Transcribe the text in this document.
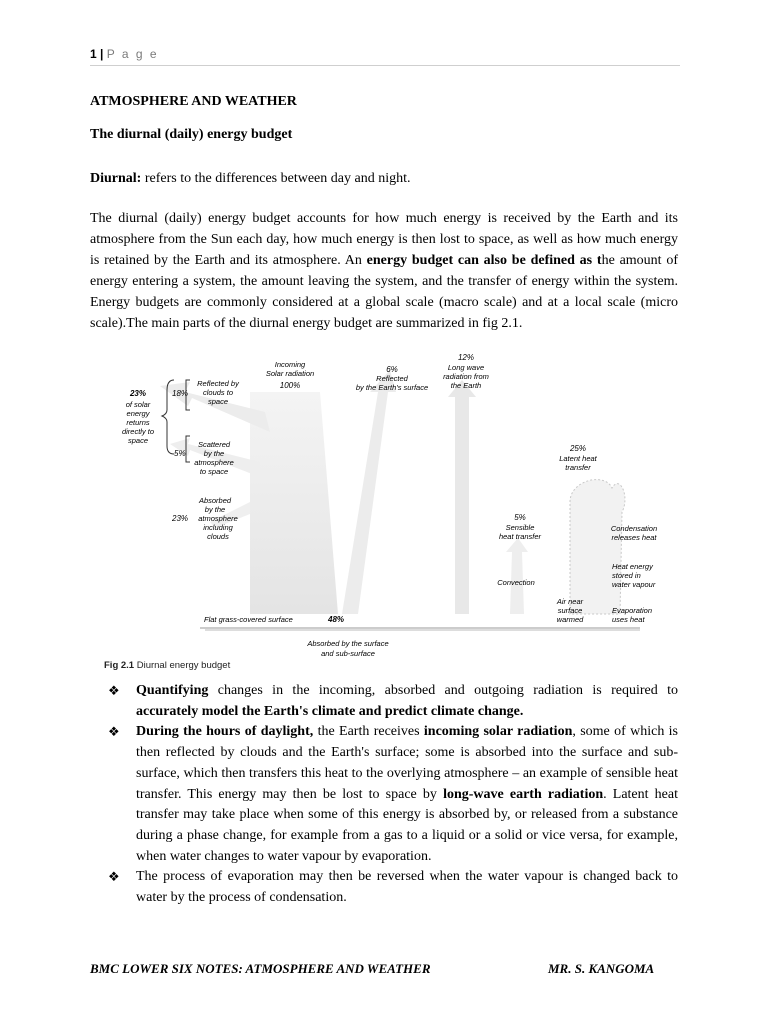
1 | P a g e
ATMOSPHERE AND WEATHER
The diurnal (daily) energy budget
Diurnal: refers to the differences between day and night.
The diurnal (daily) energy budget accounts for how much energy is received by the Earth and its atmosphere from the Sun each day, how much energy is then lost to space, as well as how much energy is retained by the Earth and its atmosphere. An energy budget can also be defined as the amount of energy entering a system, the amount leaving the system, and the transfer of energy within the system. Energy budgets are commonly considered at a global scale (macro scale) and at a local scale (micro scale).The main parts of the diurnal energy budget are summarized in fig 2.1.
23%
of solar
energy
returns
directly to
space
18%
Reflected by
clouds to
space
5%
Scattered
by the
atmosphere
to space
Absorbed
by the
23% atmosphere
including
clouds
Incoming
Solar radiation
100%
6%
Reflected
by the Earth's surface
12%
Long wave
radiation from
the Earth
25%
Latent heat
transfer
5%
Sensible
heat transfer
Condensation
releases heat
Convection
Heat energy
stored in
water vapour
Air near
surface
warmed
Evaporation
uses heat
Flat grass-covered surface	48%
Absorbed by the surface
and sub-surface
Fig 2.1 Diurnal energy budget
❖ Quantifying changes in the incoming, absorbed and outgoing radiation is required to accurately model the Earth's climate and predict climate change.
❖ During the hours of daylight, the Earth receives incoming solar radiation, some of which is then reflected by clouds and the Earth's surface; some is absorbed into the surface and sub-surface, which then transfers this heat to the overlying atmosphere – an example of sensible heat transfer. This energy may then be lost to space by long-wave earth radiation. Latent heat transfer may take place when some of this energy is absorbed by, or released from a substance during a phase change, for example from a gas to a liquid or a solid or vice versa, for example, when water changes to water vapour by evaporation.
❖ The process of evaporation may then be reversed when the water vapour is changed back to water by the process of condensation.
BMC LOWER SIX NOTES: ATMOSPHERE AND WEATHER	MR. S. KANGOMA
